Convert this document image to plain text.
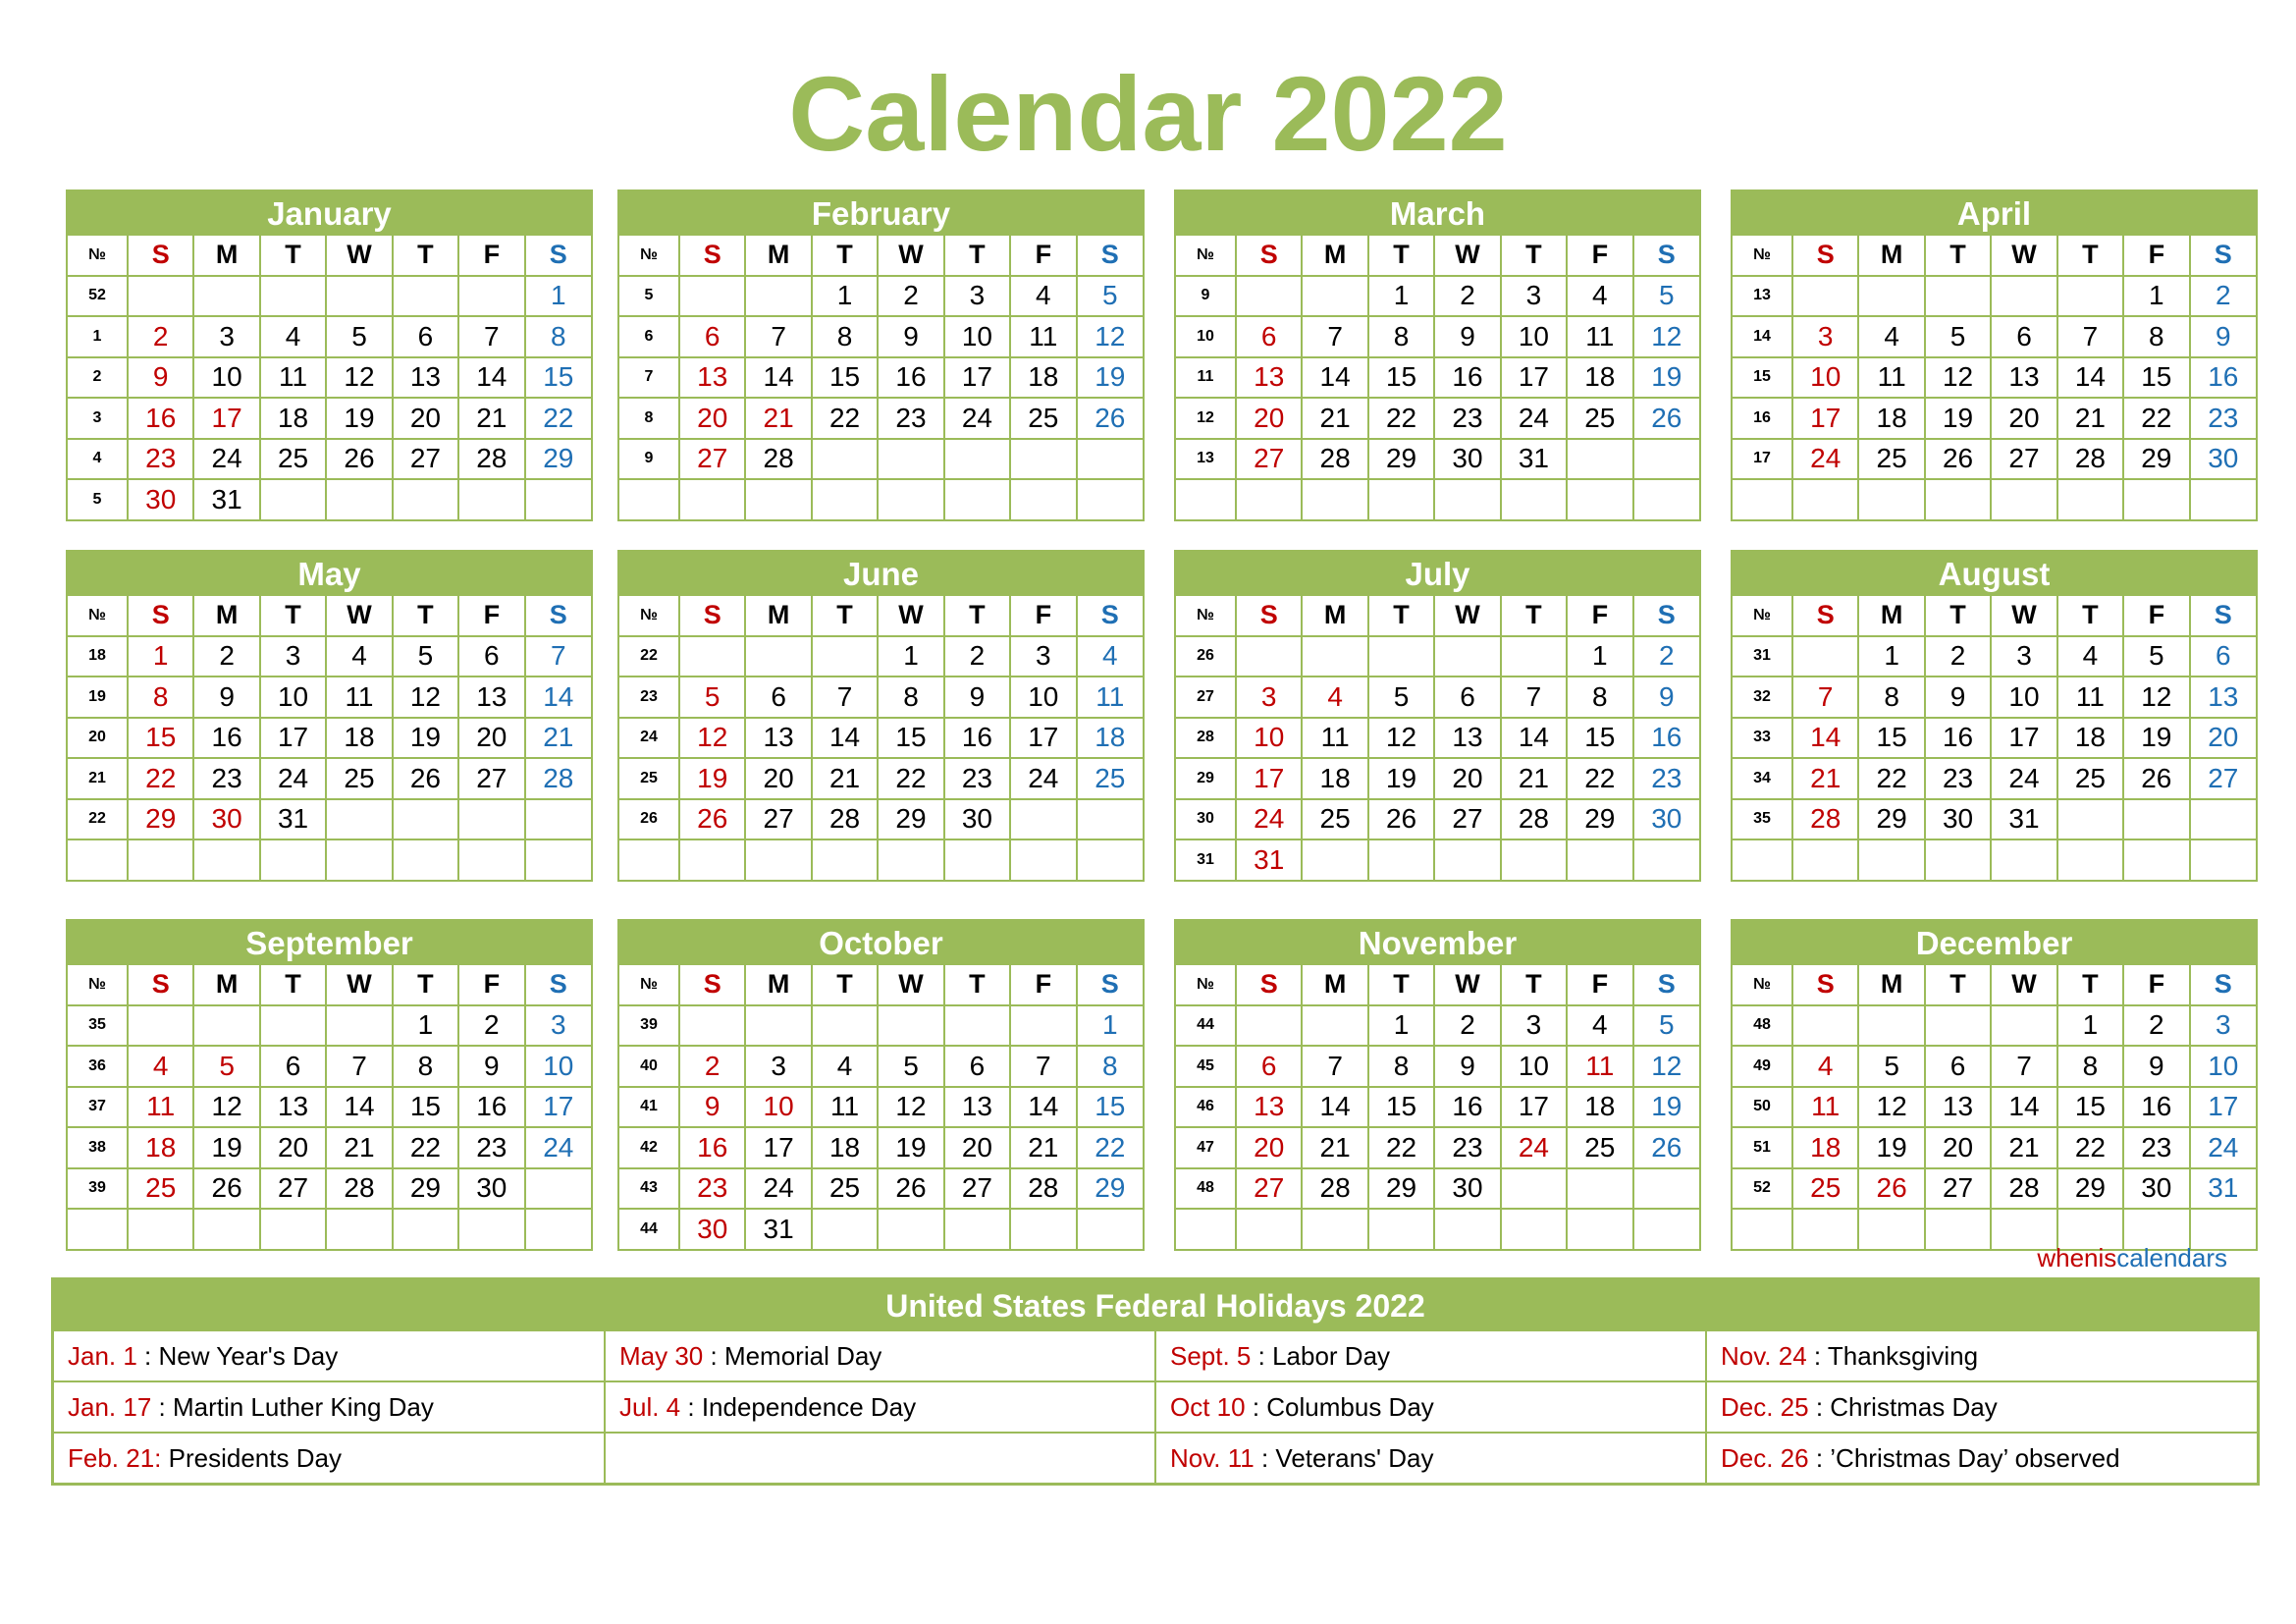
Calendar 2022
January
№	S	M	T	W	T	F	S
52							1
1	2	3	4	5	6	7	8
2	9	10	11	12	13	14	15
3	16	17	18	19	20	21	22
4	23	24	25	26	27	28	29
5	30	31					
February
№	S	M	T	W	T	F	S
5			1	2	3	4	5
6	6	7	8	9	10	11	12
7	13	14	15	16	17	18	19
8	20	21	22	23	24	25	26
9	27	28					

March
№	S	M	T	W	T	F	S
9			1	2	3	4	5
10	6	7	8	9	10	11	12
11	13	14	15	16	17	18	19
12	20	21	22	23	24	25	26
13	27	28	29	30	31		

April
№	S	M	T	W	T	F	S
13						1	2
14	3	4	5	6	7	8	9
15	10	11	12	13	14	15	16
16	17	18	19	20	21	22	23
17	24	25	26	27	28	29	30

May
№	S	M	T	W	T	F	S
18	1	2	3	4	5	6	7
19	8	9	10	11	12	13	14
20	15	16	17	18	19	20	21
21	22	23	24	25	26	27	28
22	29	30	31				

June
№	S	M	T	W	T	F	S
22				1	2	3	4
23	5	6	7	8	9	10	11
24	12	13	14	15	16	17	18
25	19	20	21	22	23	24	25
26	26	27	28	29	30		

July
№	S	M	T	W	T	F	S
26						1	2
27	3	4	5	6	7	8	9
28	10	11	12	13	14	15	16
29	17	18	19	20	21	22	23
30	24	25	26	27	28	29	30
31	31						
August
№	S	M	T	W	T	F	S
31		1	2	3	4	5	6
32	7	8	9	10	11	12	13
33	14	15	16	17	18	19	20
34	21	22	23	24	25	26	27
35	28	29	30	31			

September
№	S	M	T	W	T	F	S
35					1	2	3
36	4	5	6	7	8	9	10
37	11	12	13	14	15	16	17
38	18	19	20	21	22	23	24
39	25	26	27	28	29	30	

October
№	S	M	T	W	T	F	S
39							1
40	2	3	4	5	6	7	8
41	9	10	11	12	13	14	15
42	16	17	18	19	20	21	22
43	23	24	25	26	27	28	29
44	30	31					
November
№	S	M	T	W	T	F	S
44			1	2	3	4	5
45	6	7	8	9	10	11	12
46	13	14	15	16	17	18	19
47	20	21	22	23	24	25	26
48	27	28	29	30			

December
№	S	M	T	W	T	F	S
48					1	2	3
49	4	5	6	7	8	9	10
50	11	12	13	14	15	16	17
51	18	19	20	21	22	23	24
52	25	26	27	28	29	30	31

wheniscalendars
United States Federal Holidays 2022
Jan. 1 : New Year's Day	May 30 : Memorial Day	Sept. 5 : Labor Day	Nov. 24 : Thanksgiving
Jan. 17 : Martin Luther King Day	Jul. 4 : Independence Day	Oct 10 : Columbus Day	Dec. 25 : Christmas Day
Feb. 21: Presidents Day		Nov. 11 : Veterans' Day	Dec. 26 : ’Christmas Day’ observed
